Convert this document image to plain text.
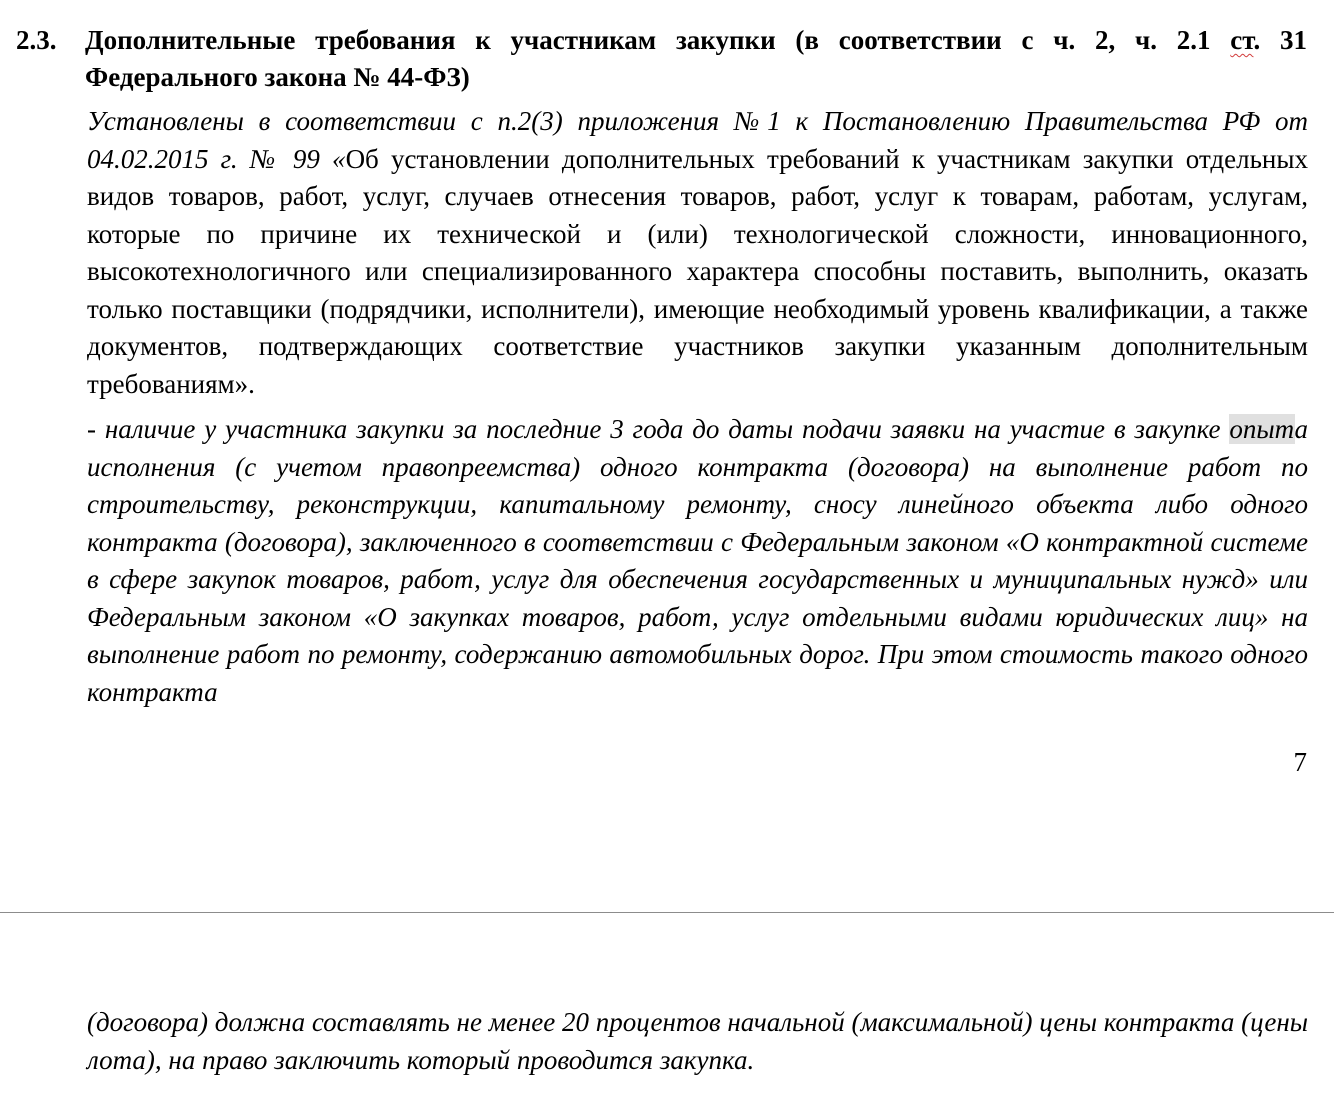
2.3. Дополнительные требования к участникам закупки (в соответствии с ч. 2, ч. 2.1 ст. 31 Федерального закона № 44-ФЗ)
Установлены в соответствии с п.2(3) приложения №1 к Постановлению Правительства РФ от 04.02.2015 г. № 99 «Об установлении дополнительных требований к участникам закупки отдельных видов товаров, работ, услуг, случаев отнесения товаров, работ, услуг к товарам, работам, услугам, которые по причине их технической и (или) технологической сложности, инновационного, высокотехнологичного или специализированного характера способны поставить, выполнить, оказать только поставщики (подрядчики, исполнители), имеющие необходимый уровень квалификации, а также документов, подтверждающих соответствие участников закупки указанным дополнительным требованиям».
- наличие у участника закупки за последние 3 года до даты подачи заявки на участие в закупке опыта исполнения (с учетом правопреемства) одного контракта (договора) на выполнение работ по строительству, реконструкции, капитальному ремонту, сносу линейного объекта либо одного контракта (договора), заключенного в соответствии с Федеральным законом «О контрактной системе в сфере закупок товаров, работ, услуг для обеспечения государственных и муниципальных нужд» или Федеральным законом «О закупках товаров, работ, услуг отдельными видами юридических лиц» на выполнение работ по ремонту, содержанию автомобильных дорог. При этом стоимость такого одного контракта
7
(договора) должна составлять не менее 20 процентов начальной (максимальной) цены контракта (цены лота), на право заключить который проводится закупка.
